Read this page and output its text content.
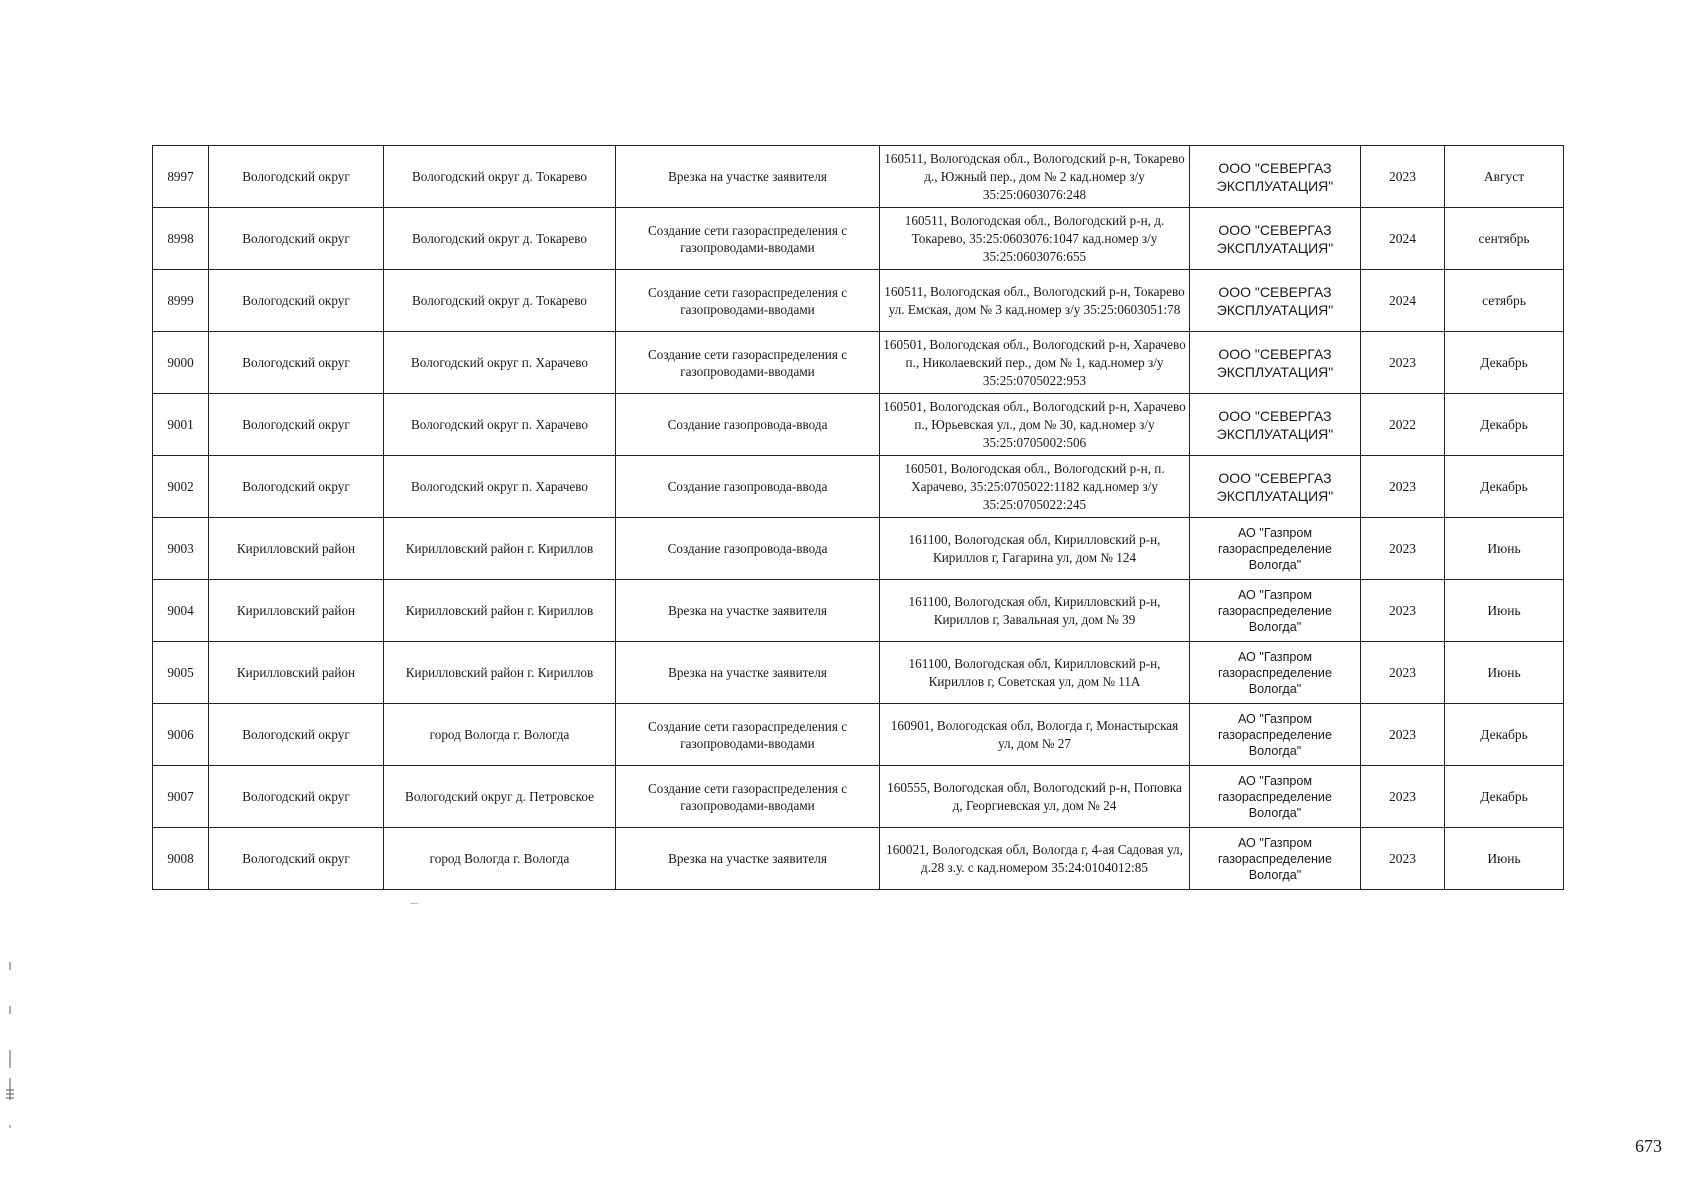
8997	Вологодский округ	Вологодский округ д. Токарево	Врезка на участке заявителя	160511, Вологодская обл., Вологодский р-н, Токарево д., Южный пер., дом № 2 кад.номер з/у 35:25:0603076:248	ООО "СЕВЕРГАЗ ЭКСПЛУАТАЦИЯ"	2023	Август
8998	Вологодский округ	Вологодский округ д. Токарево	Создание сети газораспределения с газопроводами-вводами	160511, Вологодская обл., Вологодский р-н, д. Токарево, 35:25:0603076:1047 кад.номер з/у 35:25:0603076:655	ООО "СЕВЕРГАЗ ЭКСПЛУАТАЦИЯ"	2024	сентябрь
8999	Вологодский округ	Вологодский округ д. Токарево	Создание сети газораспределения с газопроводами-вводами	160511, Вологодская обл., Вологодский р-н, Токарево ул. Емская, дом № 3 кад.номер з/у 35:25:0603051:78	ООО "СЕВЕРГАЗ ЭКСПЛУАТАЦИЯ"	2024	сетябрь
9000	Вологодский округ	Вологодский округ п. Харачево	Создание сети газораспределения с газопроводами-вводами	160501, Вологодская обл., Вологодский р-н, Харачево п., Николаевский пер., дом № 1, кад.номер з/у 35:25:0705022:953	ООО "СЕВЕРГАЗ ЭКСПЛУАТАЦИЯ"	2023	Декабрь
9001	Вологодский округ	Вологодский округ п. Харачево	Создание газопровода-ввода	160501, Вологодская обл., Вологодский р-н, Харачево п., Юрьевская ул., дом № 30, кад.номер з/у 35:25:0705002:506	ООО "СЕВЕРГАЗ ЭКСПЛУАТАЦИЯ"	2022	Декабрь
9002	Вологодский округ	Вологодский округ п. Харачево	Создание газопровода-ввода	160501, Вологодская обл., Вологодский р-н, п. Харачево, 35:25:0705022:1182 кад.номер з/у 35:25:0705022:245	ООО "СЕВЕРГАЗ ЭКСПЛУАТАЦИЯ"	2023	Декабрь
9003	Кирилловский район	Кирилловский район г. Кириллов	Создание газопровода-ввода	161100, Вологодская обл, Кирилловский р-н, Кириллов г, Гагарина ул, дом № 124	АО "Газпром газораспределение Вологда"	2023	Июнь
9004	Кирилловский район	Кирилловский район г. Кириллов	Врезка на участке заявителя	161100, Вологодская обл, Кирилловский р-н, Кириллов г, Завальная ул, дом № 39	АО "Газпром газораспределение Вологда"	2023	Июнь
9005	Кирилловский район	Кирилловский район г. Кириллов	Врезка на участке заявителя	161100, Вологодская обл, Кирилловский р-н, Кириллов г, Советская ул, дом № 11А	АО "Газпром газораспределение Вологда"	2023	Июнь
9006	Вологодский округ	город Вологда г. Вологда	Создание сети газораспределения с газопроводами-вводами	160901, Вологодская обл, Вологда г, Монастырская ул, дом № 27	АО "Газпром газораспределение Вологда"	2023	Декабрь
9007	Вологодский округ	Вологодский округ д. Петровское	Создание сети газораспределения с газопроводами-вводами	160555, Вологодская обл, Вологодский р-н, Поповка д, Георгиевская ул, дом № 24	АО "Газпром газораспределение Вологда"	2023	Декабрь
9008	Вологодский округ	город Вологда г. Вологда	Врезка на участке заявителя	160021, Вологодская обл, Вологда г, 4-ая Садовая ул, д.28 з.у. с кад.номером 35:24:0104012:85	АО "Газпром газораспределение Вологда"	2023	Июнь
673
